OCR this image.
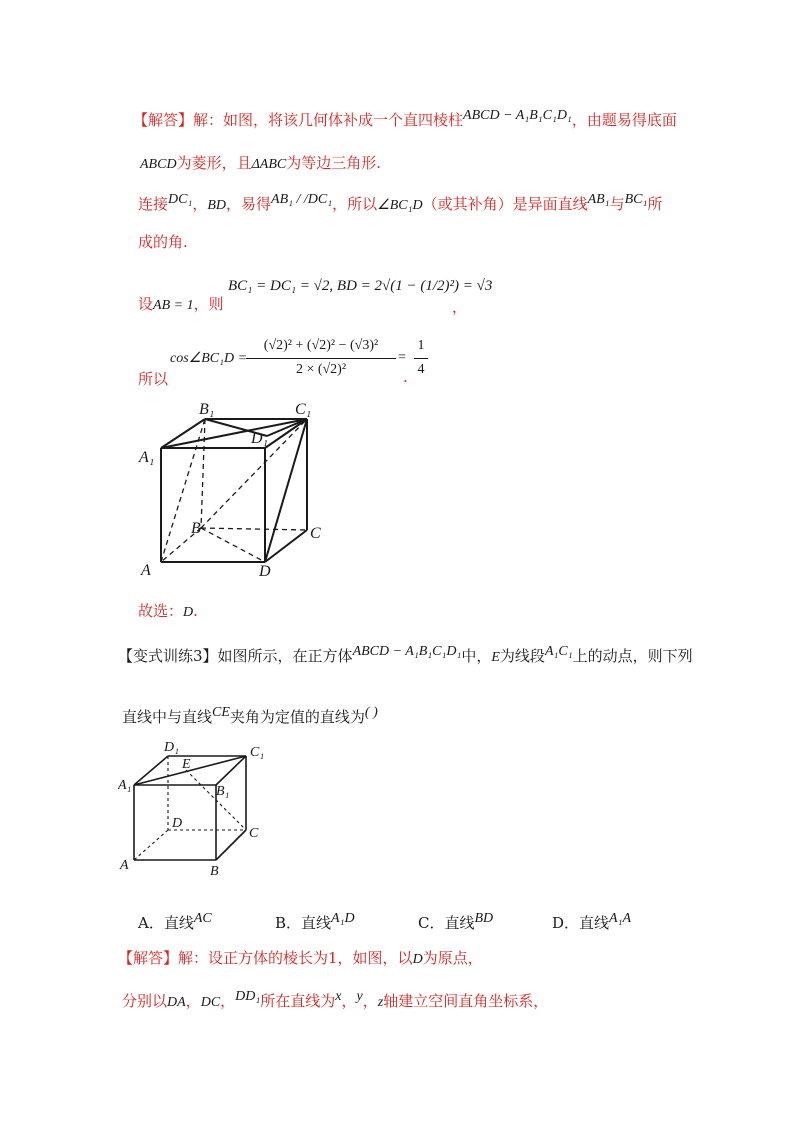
【解答】解：如图，将该几何体补成一个直四棱柱ABCD − A₁B₁C₁D₁，由题易得底面
ABCD为菱形，且ΔABC为等边三角形.
连接DC₁，BD，易得AB₁ / /DC₁，所以∠BC₁D（或其补角）是异面直线AB₁与BC₁所
成的角.
设AB = 1，则
BC₁ = DC₁ = √2, BD = 2√(1 − (1/2)²) = √3
，
所以
cos∠BC₁D =
(√2)² + (√2)² − (√3)²
2 × (√2)²
=
1
4
.
A
B	C
D
A₁
B₁	C₁
D₁
故选：D.
【变式训练3】如图所示，在正方体ABCD − A₁B₁C₁D₁中，E为线段A₁C₁上的动点，则下列
直线中与直线CE夹角为定值的直线为( )
A	B
C
D
A₁	B₁
C₁
D₁
E
A．直线AC	B．直线A₁D	C．直线BD	D．直线A₁A
【解答】解：设正方体的棱长为1，如图，以D为原点，
分别以DA，DC，DD₁所在直线为x，y，z轴建立空间直角坐标系，
